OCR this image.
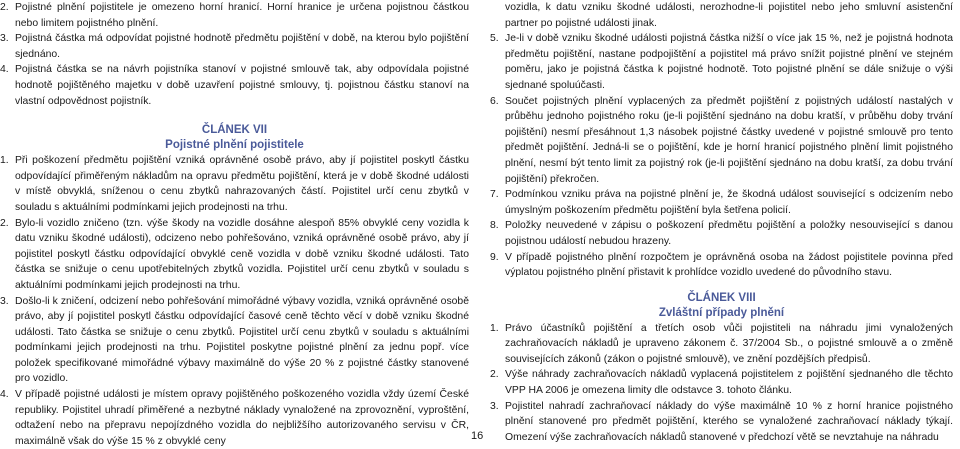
2. Pojistné plnění pojistitele je omezeno horní hranicí. Horní hranice je určena pojistnou částkou nebo limitem pojistného plnění.
3. Pojistná částka má odpovídat pojistné hodnotě předmětu pojištění v době, na kterou bylo pojištění sjednáno.
4. Pojistná částka se na návrh pojistníka stanoví v pojistné smlouvě tak, aby odpovídala pojistné hodnotě pojištěného majetku v době uzavření pojistné smlouvy, tj. pojistnou částku stanoví na vlastní odpovědnost pojistník.
ČLÁNEK VII
Pojistné plnění pojistitele
1. Při poškození předmětu pojištění vzniká oprávněné osobě právo, aby jí pojistitel poskytl částku odpovídající přiměřeným nákladům na opravu předmětu pojištění, která je v době škodné události v místě obvyklá, sníženou o cenu zbytků nahrazovaných částí. Pojistitel určí cenu zbytků v souladu s aktuálními podmínkami jejich prodejnosti na trhu.
2. Bylo-li vozidlo zničeno (tzn. výše škody na vozidle dosáhne alespoň 85% obvyklé ceny vozidla k datu vzniku škodné události), odcizeno nebo pohřešováno, vzniká oprávněné osobě právo, aby jí pojistitel poskytl částku odpovídající obvyklé ceně vozidla v době vzniku škodné události. Tato částka se snižuje o cenu upotřebitelných zbytků vozidla. Pojistitel určí cenu zbytků v souladu s aktuálními podmínkami jejich prodejnosti na trhu.
3. Došlo-li k zničení, odcizení nebo pohřešování mimořádné výbavy vozidla, vzniká oprávněné osobě právo, aby jí pojistitel poskytl částku odpovídající časové ceně těchto věcí v době vzniku škodné události. Tato částka se snižuje o cenu zbytků. Pojistitel určí cenu zbytků v souladu s aktuálními podmínkami jejich prodejnosti na trhu. Pojistitel poskytne pojistné plnění za jednu popř. více položek specifikované mimořádné výbavy maximálně do výše 20 % z pojistné částky stanovené pro vozidlo.
4. V případě pojistné události je místem opravy pojištěného poškozeného vozidla vždy území České republiky. Pojistitel uhradí přiměřené a nezbytné náklady vynaložené na zprovoznění, vyproštění, odtažení nebo na přepravu nepojízdného vozidla do nejbližšího autorizovaného servisu v ČR, maximálně však do výše 15 % z obvyklé ceny
vozidla, k datu vzniku škodné události, nerozhodne-li pojistitel nebo jeho smluvní asistenční partner po pojistné události jinak.
5. Je-li v době vzniku škodné události pojistná částka nižší o více jak 15 %, než je pojistná hodnota předmětu pojištění, nastane podpojištění a pojistitel má právo snížit pojistné plnění ve stejném poměru, jako je pojistná částka k pojistné hodnotě. Toto pojistné plnění se dále snižuje o výši sjednané spoluúčasti.
6. Součet pojistných plnění vyplacených za předmět pojištění z pojistných událostí nastalých v průběhu jednoho pojistného roku (je-li pojištění sjednáno na dobu kratší, v průběhu doby trvání pojištění) nesmí přesáhnout 1,3 násobek pojistné částky uvedené v pojistné smlouvě pro tento předmět pojištění. Jedná-li se o pojištění, kde je horní hranicí pojistného plnění limit pojistného plnění, nesmí být tento limit za pojistný rok (je-li pojištění sjednáno na dobu kratší, za dobu trvání pojištění) překročen.
7. Podmínkou vzniku práva na pojistné plnění je, že škodná událost související s odcizením nebo úmyslným poškozením předmětu pojištění byla šetřena policií.
8. Položky neuvedené v zápisu o poškození předmětu pojištění a položky nesouvisející s danou pojistnou událostí nebudou hrazeny.
9. V případě pojistného plnění rozpočtem je oprávněná osoba na žádost pojistitele povinna před výplatou pojistného plnění přistavit k prohlídce vozidlo uvedené do původního stavu.
ČLÁNEK VIII
Zvláštní případy plnění
1. Právo účastníků pojištění a třetích osob vůči pojistiteli na náhradu jimi vynaložených zachraňovacích nákladů je upraveno zákonem č. 37/2004 Sb., o pojistné smlouvě a o změně souvisejících zákonů (zákon o pojistné smlouvě), ve znění pozdějších předpisů.
2. Výše náhrady zachraňovacích nákladů vyplacená pojistitelem z pojištění sjednaného dle těchto VPP HA 2006 je omezena limity dle odstavce 3. tohoto článku.
3. Pojistitel nahradí zachraňovací náklady do výše maximálně 10 % z horní hranice pojistného plnění stanovené pro předmět pojištění, kterého se vynaložené zachraňovací náklady týkají. Omezení výše zachraňovacích nákladů stanovené v předchozí větě se nevztahuje na náhradu
16
